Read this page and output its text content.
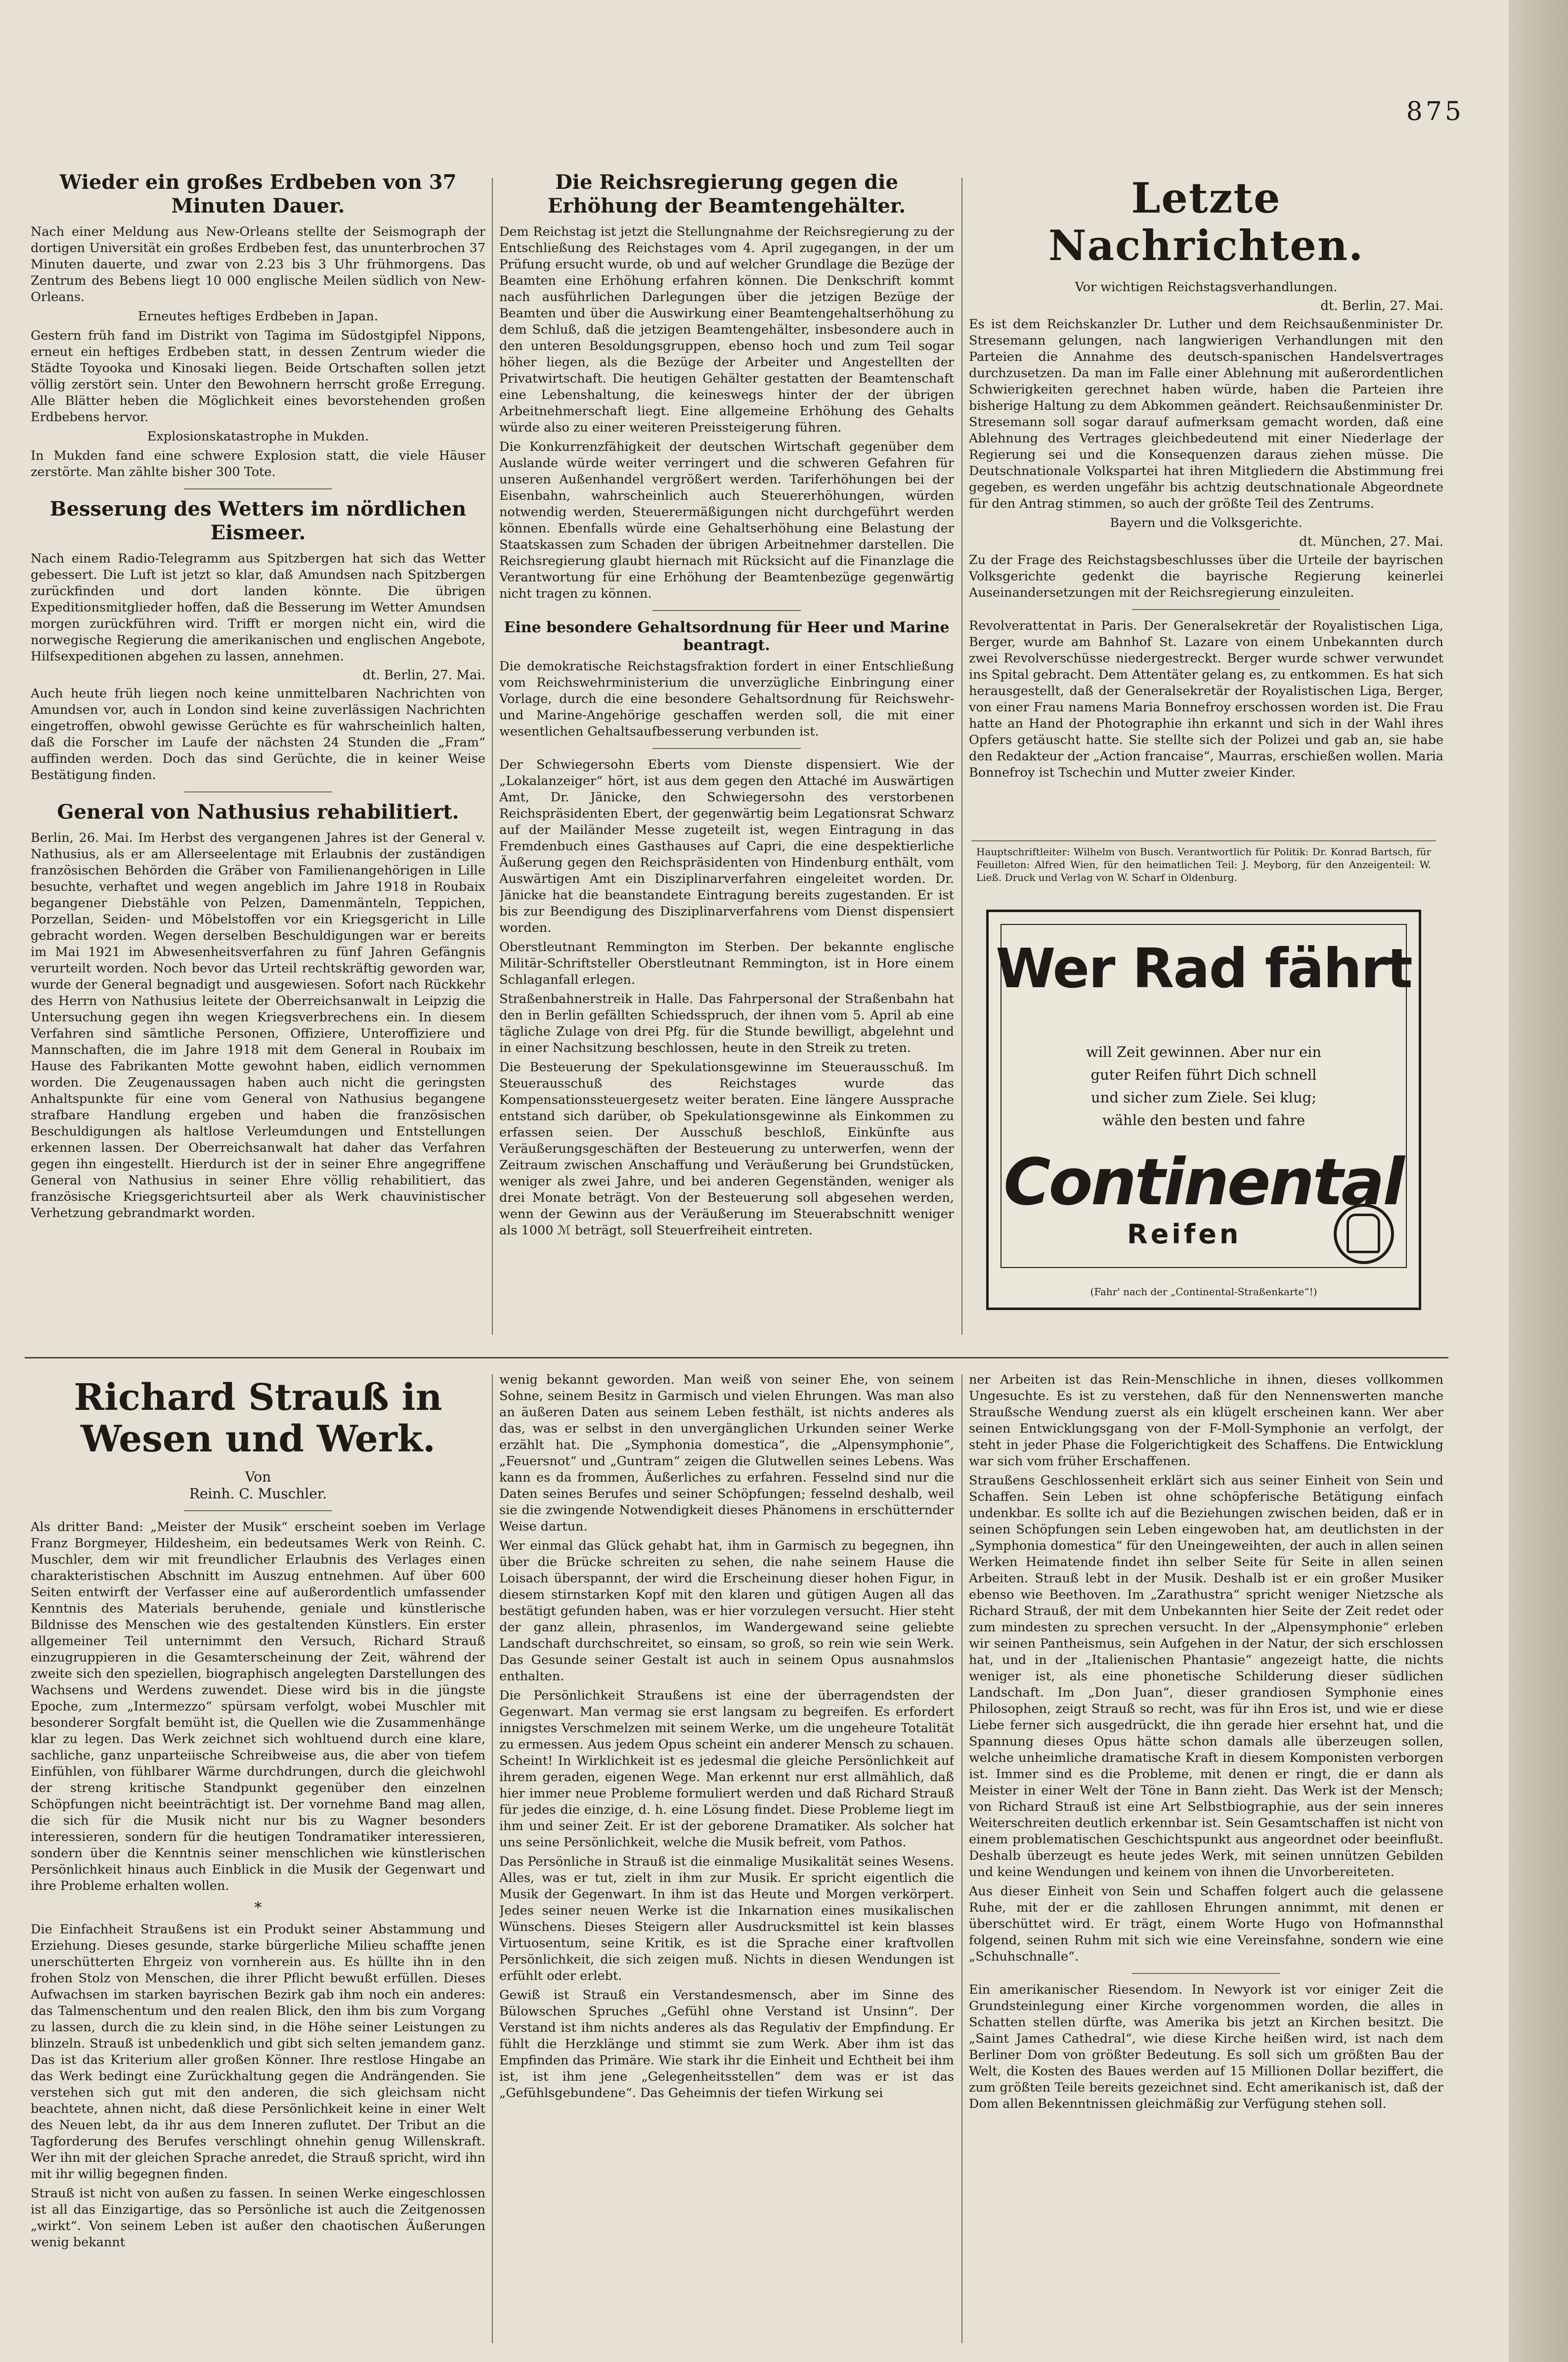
875
Wieder ein großes Erdbeben von 37 Minuten Dauer.

Nach einer Meldung aus New-Orleans stellte der Seismograph der dortigen Universität ein großes Erdbeben fest, das ununterbrochen 37 Minuten dauerte, und zwar von 2.23 bis 3 Uhr frühmorgens. Das Zentrum des Bebens liegt 10 000 englische Meilen südlich von New-Orleans.

Erneutes heftiges Erdbeben in Japan.

Gestern früh fand im Distrikt von Tagima im Südostgipfel Nippons, erneut ein heftiges Erdbeben statt, in dessen Zentrum wieder die Städte Toyooka und Kinosaki liegen. Beide Ortschaften sollen jetzt völlig zerstört sein. Unter den Bewohnern herrscht große Erregung. Alle Blätter heben die Möglichkeit eines bevorstehenden großen Erdbebens hervor.

Explosionskatastrophe in Mukden.

In Mukden fand eine schwere Explosion statt, die viele Häuser zerstörte. Man zählte bisher 300 Tote.

Besserung des Wetters im nördlichen Eismeer.

Nach einem Radio-Telegramm aus Spitzbergen hat sich das Wetter gebessert. Die Luft ist jetzt so klar, daß Amundsen nach Spitzbergen zurückfinden und dort landen könnte. Die übrigen Expeditionsmitglieder hoffen, daß die Besserung im Wetter Amundsen morgen zurückführen wird. Trifft er morgen nicht ein, wird die norwegische Regierung die amerikanischen und englischen Angebote, Hilfsexpeditionen abgehen zu lassen, annehmen.

dt. Berlin, 27. Mai.

Auch heute früh liegen noch keine unmittelbaren Nachrichten von Amundsen vor, auch in London sind keine zuverlässigen Nachrichten eingetroffen, obwohl gewisse Gerüchte es für wahrscheinlich halten, daß die Forscher im Laufe der nächsten 24 Stunden die „Fram“ auffinden werden. Doch das sind Gerüchte, die in keiner Weise Bestätigung finden.

General von Nathusius rehabilitiert.

Berlin, 26. Mai. Im Herbst des vergangenen Jahres ist der General v. Nathusius, als er am Allerseelentage mit Erlaubnis der zuständigen französischen Behörden die Gräber von Familienangehörigen in Lille besuchte, verhaftet und wegen angeblich im Jahre 1918 in Roubaix begangener Diebstähle von Pelzen, Damenmänteln, Teppichen, Porzellan, Seiden- und Möbelstoffen vor ein Kriegsgericht in Lille gebracht worden. Wegen derselben Beschuldigungen war er bereits im Mai 1921 im Abwesenheitsverfahren zu fünf Jahren Gefängnis verurteilt worden. Noch bevor das Urteil rechtskräftig geworden war, wurde der General begnadigt und ausgewiesen. Sofort nach Rückkehr des Herrn von Nathusius leitete der Oberreichsanwalt in Leipzig die Untersuchung gegen ihn wegen Kriegsverbrechens ein. In diesem Verfahren sind sämtliche Personen, Offiziere, Unteroffiziere und Mannschaften, die im Jahre 1918 mit dem General in Roubaix im Hause des Fabrikanten Motte gewohnt haben, eidlich vernommen worden. Die Zeugenaussagen haben auch nicht die geringsten Anhaltspunkte für eine vom General von Nathusius begangene strafbare Handlung ergeben und haben die französischen Beschuldigungen als haltlose Verleumdungen und Entstellungen erkennen lassen. Der Oberreichsanwalt hat daher das Verfahren gegen ihn eingestellt. Hierdurch ist der in seiner Ehre angegriffene General von Nathusius in seiner Ehre völlig rehabilitiert, das französische Kriegsgerichtsurteil aber als Werk chauvinistischer Verhetzung gebrandmarkt worden.

Die Reichsregierung gegen die Erhöhung der Beamtengehälter.

Dem Reichstag ist jetzt die Stellungnahme der Reichsregierung zu der Entschließung des Reichstages vom 4. April zugegangen, in der um Prüfung ersucht wurde, ob und auf welcher Grundlage die Bezüge der Beamten eine Erhöhung erfahren können. Die Denkschrift kommt nach ausführlichen Darlegungen über die jetzigen Bezüge der Beamten und über die Auswirkung einer Beamtengehaltserhöhung zu dem Schluß, daß die jetzigen Beamtengehälter, insbesondere auch in den unteren Besoldungsgruppen, ebenso hoch und zum Teil sogar höher liegen, als die Bezüge der Arbeiter und Angestellten der Privatwirtschaft. Die heutigen Gehälter gestatten der Beamtenschaft eine Lebenshaltung, die keineswegs hinter der der übrigen Arbeitnehmerschaft liegt. Eine allgemeine Erhöhung des Gehalts würde also zu einer weiteren Preissteigerung führen.

Die Konkurrenzfähigkeit der deutschen Wirtschaft gegenüber dem Auslande würde weiter verringert und die schweren Gefahren für unseren Außenhandel vergrößert werden. Tariferhöhungen bei der Eisenbahn, wahrscheinlich auch Steuererhöhungen, würden notwendig werden, Steuerermäßigungen nicht durchgeführt werden können. Ebenfalls würde eine Gehaltserhöhung eine Belastung der Staatskassen zum Schaden der übrigen Arbeitnehmer darstellen. Die Reichsregierung glaubt hiernach mit Rücksicht auf die Finanzlage die Verantwortung für eine Erhöhung der Beamtenbezüge gegenwärtig nicht tragen zu können.

Eine besondere Gehaltsordnung für Heer und Marine beantragt.

Die demokratische Reichstagsfraktion fordert in einer Entschließung vom Reichswehrministerium die unverzügliche Einbringung einer Vorlage, durch die eine besondere Gehaltsordnung für Reichswehr- und Marine-Angehörige geschaffen werden soll, die mit einer wesentlichen Gehaltsaufbesserung verbunden ist.

Der Schwiegersohn Eberts vom Dienste dispensiert. Wie der „Lokalanzeiger“ hört, ist aus dem gegen den Attaché im Auswärtigen Amt, Dr. Jänicke, den Schwiegersohn des verstorbenen Reichspräsidenten Ebert, der gegenwärtig beim Legationsrat Schwarz auf der Mailänder Messe zugeteilt ist, wegen Eintragung in das Fremdenbuch eines Gasthauses auf Capri, die eine despektierliche Äußerung gegen den Reichspräsidenten von Hindenburg enthält, vom Auswärtigen Amt ein Disziplinarverfahren eingeleitet worden. Dr. Jänicke hat die beanstandete Eintragung bereits zugestanden. Er ist bis zur Beendigung des Disziplinarverfahrens vom Dienst dispensiert worden.

Oberstleutnant Remmington im Sterben. Der bekannte englische Militär-Schriftsteller Oberstleutnant Remmington, ist in Hore einem Schlaganfall erlegen.

Straßenbahnerstreik in Halle. Das Fahrpersonal der Straßenbahn hat den in Berlin gefällten Schiedsspruch, der ihnen vom 5. April ab eine tägliche Zulage von drei Pfg. für die Stunde bewilligt, abgelehnt und in einer Nachsitzung beschlossen, heute in den Streik zu treten.

Die Besteuerung der Spekulationsgewinne im Steuerausschuß. Im Steuerausschuß des Reichstages wurde das Kompensationssteuergesetz weiter beraten. Eine längere Aussprache entstand sich darüber, ob Spekulationsgewinne als Einkommen zu erfassen seien. Der Ausschuß beschloß, Einkünfte aus Veräußerungsgeschäften der Besteuerung zu unterwerfen, wenn der Zeitraum zwischen Anschaffung und Veräußerung bei Grundstücken, weniger als zwei Jahre, und bei anderen Gegenständen, weniger als drei Monate beträgt. Von der Besteuerung soll abgesehen werden, wenn der Gewinn aus der Veräußerung im Steuerabschnitt weniger als 1000 ℳ beträgt, soll Steuerfreiheit eintreten.

Letzte Nachrichten.

Vor wichtigen Reichstagsverhandlungen.

dt. Berlin, 27. Mai.

Es ist dem Reichskanzler Dr. Luther und dem Reichsaußenminister Dr. Stresemann gelungen, nach langwierigen Verhandlungen mit den Parteien die Annahme des deutsch-spanischen Handelsvertrages durchzusetzen. Da man im Falle einer Ablehnung mit außerordentlichen Schwierigkeiten gerechnet haben würde, haben die Parteien ihre bisherige Haltung zu dem Abkommen geändert. Reichsaußenminister Dr. Stresemann soll sogar darauf aufmerksam gemacht worden, daß eine Ablehnung des Vertrages gleichbedeutend mit einer Niederlage der Regierung sei und die Konsequenzen daraus ziehen müsse. Die Deutschnationale Volkspartei hat ihren Mitgliedern die Abstimmung frei gegeben, es werden ungefähr bis achtzig deutschnationale Abgeordnete für den Antrag stimmen, so auch der größte Teil des Zentrums.

Bayern und die Volksgerichte.

dt. München, 27. Mai.

Zu der Frage des Reichstagsbeschlusses über die Urteile der bayrischen Volksgerichte gedenkt die bayrische Regierung keinerlei Auseinandersetzungen mit der Reichsregierung einzuleiten.

Revolverattentat in Paris. Der Generalsekretär der Royalistischen Liga, Berger, wurde am Bahnhof St. Lazare von einem Unbekannten durch zwei Revolverschüsse niedergestreckt. Berger wurde schwer verwundet ins Spital gebracht. Dem Attentäter gelang es, zu entkommen. Es hat sich herausgestellt, daß der Generalsekretär der Royalistischen Liga, Berger, von einer Frau namens Maria Bonnefroy erschossen worden ist. Die Frau hatte an Hand der Photographie ihn erkannt und sich in der Wahl ihres Opfers getäuscht hatte. Sie stellte sich der Polizei und gab an, sie habe den Redakteur der „Action francaise“, Maurras, erschießen wollen. Maria Bonnefroy ist Tschechin und Mutter zweier Kinder.

Hauptschriftleiter: Wilhelm von Busch. Verantwortlich für Politik: Dr. Konrad Bartsch, für Feuilleton: Alfred Wien, für den heimatlichen Teil: J. Meyborg, für den Anzeigenteil: W. Ließ. Druck und Verlag von W. Scharf in Oldenburg.
Wer Rad fährt
will Zeit gewinnen. Aber nur ein
guter Reifen führt Dich schnell
und sicher zum Ziele. Sei klug;
wähle den besten und fahre
Continental
Reifen
(Fahr' nach der „Continental-Straßenkarte“!)
Richard Strauß in Wesen und Werk.

Von

Reinh. C. Muschler.

Als dritter Band: „Meister der Musik“ erscheint soeben im Verlage Franz Borgmeyer, Hildesheim, ein bedeutsames Werk von Reinh. C. Muschler, dem wir mit freundlicher Erlaubnis des Verlages einen charakteristischen Abschnitt im Auszug entnehmen. Auf über 600 Seiten entwirft der Verfasser eine auf außerordentlich umfassender Kenntnis des Materials beruhende, geniale und künstlerische Bildnisse des Menschen wie des gestaltenden Künstlers. Ein erster allgemeiner Teil unternimmt den Versuch, Richard Strauß einzugruppieren in die Gesamterscheinung der Zeit, während der zweite sich den speziellen, biographisch angelegten Darstellungen des Wachsens und Werdens zuwendet. Diese wird bis in die jüngste Epoche, zum „Intermezzo“ spürsam verfolgt, wobei Muschler mit besonderer Sorgfalt bemüht ist, die Quellen wie die Zusammenhänge klar zu legen. Das Werk zeichnet sich wohltuend durch eine klare, sachliche, ganz unparteiische Schreibweise aus, die aber von tiefem Einfühlen, von fühlbarer Wärme durchdrungen, durch die gleichwohl der streng kritische Standpunkt gegenüber den einzelnen Schöpfungen nicht beeinträchtigt ist. Der vornehme Band mag allen, die sich für die Musik nicht nur bis zu Wagner besonders interessieren, sondern für die heutigen Tondramatiker interessieren, sondern über die Kenntnis seiner menschlichen wie künstlerischen Persönlichkeit hinaus auch Einblick in die Musik der Gegenwart und ihre Probleme erhalten wollen.

*

Die Einfachheit Straußens ist ein Produkt seiner Abstammung und Erziehung. Dieses gesunde, starke bürgerliche Milieu schaffte jenen unerschütterten Ehrgeiz von vornherein aus. Es hüllte ihn in den frohen Stolz von Menschen, die ihrer Pflicht bewußt erfüllen. Dieses Aufwachsen im starken bayrischen Bezirk gab ihm noch ein anderes: das Talmenschentum und den realen Blick, den ihm bis zum Vorgang zu lassen, durch die zu klein sind, in die Höhe seiner Leistungen zu blinzeln. Strauß ist unbedenklich und gibt sich selten jemandem ganz. Das ist das Kriterium aller großen Könner. Ihre restlose Hingabe an das Werk bedingt eine Zurückhaltung gegen die Andrängenden. Sie verstehen sich gut mit den anderen, die sich gleichsam nicht beachtete, ahnen nicht, daß diese Persönlichkeit keine in einer Welt des Neuen lebt, da ihr aus dem Inneren zuflutet. Der Tribut an die Tagforderung des Berufes verschlingt ohnehin genug Willenskraft. Wer ihn mit der gleichen Sprache anredet, die Strauß spricht, wird ihn mit ihr willig begegnen finden.

Strauß ist nicht von außen zu fassen. In seinen Werke eingeschlossen ist all das Einzigartige, das so Persönliche ist auch die Zeitgenossen „wirkt“. Von seinem Leben ist außer den chaotischen Äußerungen wenig bekannt

wenig bekannt geworden. Man weiß von seiner Ehe, von seinem Sohne, seinem Besitz in Garmisch und vielen Ehrungen. Was man also an äußeren Daten aus seinem Leben festhält, ist nichts anderes als das, was er selbst in den unvergänglichen Urkunden seiner Werke erzählt hat. Die „Symphonia domestica“, die „Alpensymphonie“, „Feuersnot“ und „Guntram“ zeigen die Glutwellen seines Lebens. Was kann es da frommen, Äußerliches zu erfahren. Fesselnd sind nur die Daten seines Berufes und seiner Schöpfungen; fesselnd deshalb, weil sie die zwingende Notwendigkeit dieses Phänomens in erschütternder Weise dartun.

Wer einmal das Glück gehabt hat, ihm in Garmisch zu begegnen, ihn über die Brücke schreiten zu sehen, die nahe seinem Hause die Loisach überspannt, der wird die Erscheinung dieser hohen Figur, in diesem stirnstarken Kopf mit den klaren und gütigen Augen all das bestätigt gefunden haben, was er hier vorzulegen versucht. Hier steht der ganz allein, phrasenlos, im Wandergewand seine geliebte Landschaft durchschreitet, so einsam, so groß, so rein wie sein Werk. Das Gesunde seiner Gestalt ist auch in seinem Opus ausnahmslos enthalten.

Die Persönlichkeit Straußens ist eine der überragendsten der Gegenwart. Man vermag sie erst langsam zu begreifen. Es erfordert innigstes Verschmelzen mit seinem Werke, um die ungeheure Totalität zu ermessen. Aus jedem Opus scheint ein anderer Mensch zu schauen. Scheint! In Wirklichkeit ist es jedesmal die gleiche Persönlichkeit auf ihrem geraden, eigenen Wege. Man erkennt nur erst allmählich, daß hier immer neue Probleme formuliert werden und daß Richard Strauß für jedes die einzige, d. h. eine Lösung findet. Diese Probleme liegt im ihm und seiner Zeit. Er ist der geborene Dramatiker. Als solcher hat uns seine Persönlichkeit, welche die Musik befreit, vom Pathos.

Das Persönliche in Strauß ist die einmalige Musikalität seines Wesens. Alles, was er tut, zielt in ihm zur Musik. Er spricht eigentlich die Musik der Gegenwart. In ihm ist das Heute und Morgen verkörpert. Jedes seiner neuen Werke ist die Inkarnation eines musikalischen Wünschens. Dieses Steigern aller Ausdrucksmittel ist kein blasses Virtuosentum, seine Kritik, es ist die Sprache einer kraftvollen Persönlichkeit, die sich zeigen muß. Nichts in diesen Wendungen ist erfühlt oder erlebt.

Gewiß ist Strauß ein Verstandesmensch, aber im Sinne des Bülowschen Spruches „Gefühl ohne Verstand ist Unsinn“. Der Verstand ist ihm nichts anderes als das Regulativ der Empfindung. Er fühlt die Herzklänge und stimmt sie zum Werk. Aber ihm ist das Empfinden das Primäre. Wie stark ihr die Einheit und Echtheit bei ihm ist, ist ihm jene „Gelegenheitsstellen“ dem was er ist das „Gefühlsgebundene“. Das Geheimnis der tiefen Wirkung sei

ner Arbeiten ist das Rein-Menschliche in ihnen, dieses vollkommen Ungesuchte. Es ist zu verstehen, daß für den Nennenswerten manche Straußsche Wendung zuerst als ein klügelt erscheinen kann. Wer aber seinen Entwicklungsgang von der F-Moll-Symphonie an verfolgt, der steht in jeder Phase die Folgerichtigkeit des Schaffens. Die Entwicklung war sich vom früher Erschaffenen.

Straußens Geschlossenheit erklärt sich aus seiner Einheit von Sein und Schaffen. Sein Leben ist ohne schöpferische Betätigung einfach undenkbar. Es sollte ich auf die Beziehungen zwischen beiden, daß er in seinen Schöpfungen sein Leben eingewoben hat, am deutlichsten in der „Symphonia domestica“ für den Uneingeweihten, der auch in allen seinen Werken Heimatende findet ihn selber Seite für Seite in allen seinen Arbeiten. Strauß lebt in der Musik. Deshalb ist er ein großer Musiker ebenso wie Beethoven. Im „Zarathustra“ spricht weniger Nietzsche als Richard Strauß, der mit dem Unbekannten hier Seite der Zeit redet oder zum mindesten zu sprechen versucht. In der „Alpensymphonie“ erleben wir seinen Pantheismus, sein Aufgehen in der Natur, der sich erschlossen hat, und in der „Italienischen Phantasie“ angezeigt hatte, die nichts weniger ist, als eine phonetische Schilderung dieser südlichen Landschaft. Im „Don Juan“, dieser grandiosen Symphonie eines Philosophen, zeigt Strauß so recht, was für ihn Eros ist, und wie er diese Liebe ferner sich ausgedrückt, die ihn gerade hier ersehnt hat, und die Spannung dieses Opus hätte schon damals alle überzeugen sollen, welche unheimliche dramatische Kraft in diesem Komponisten verborgen ist. Immer sind es die Probleme, mit denen er ringt, die er dann als Meister in einer Welt der Töne in Bann zieht. Das Werk ist der Mensch; von Richard Strauß ist eine Art Selbstbiographie, aus der sein inneres Weiterschreiten deutlich erkennbar ist. Sein Gesamtschaffen ist nicht von einem problematischen Geschichtspunkt aus angeordnet oder beeinflußt. Deshalb überzeugt es heute jedes Werk, mit seinen unnützen Gebilden und keine Wendungen und keinem von ihnen die Unvorbereiteten.

Aus dieser Einheit von Sein und Schaffen folgert auch die gelassene Ruhe, mit der er die zahllosen Ehrungen annimmt, mit denen er überschüttet wird. Er trägt, einem Worte Hugo von Hofmannsthal folgend, seinen Ruhm mit sich wie eine Vereinsfahne, sondern wie eine „Schuhschnalle“.

Ein amerikanischer Riesendom. In Newyork ist vor einiger Zeit die Grundsteinlegung einer Kirche vorgenommen worden, die alles in Schatten stellen dürfte, was Amerika bis jetzt an Kirchen besitzt. Die „Saint James Cathedral“, wie diese Kirche heißen wird, ist nach dem Berliner Dom von größter Bedeutung. Es soll sich um größten Bau der Welt, die Kosten des Baues werden auf 15 Millionen Dollar beziffert, die zum größten Teile bereits gezeichnet sind. Echt amerikanisch ist, daß der Dom allen Bekenntnissen gleichmäßig zur Verfügung stehen soll.
